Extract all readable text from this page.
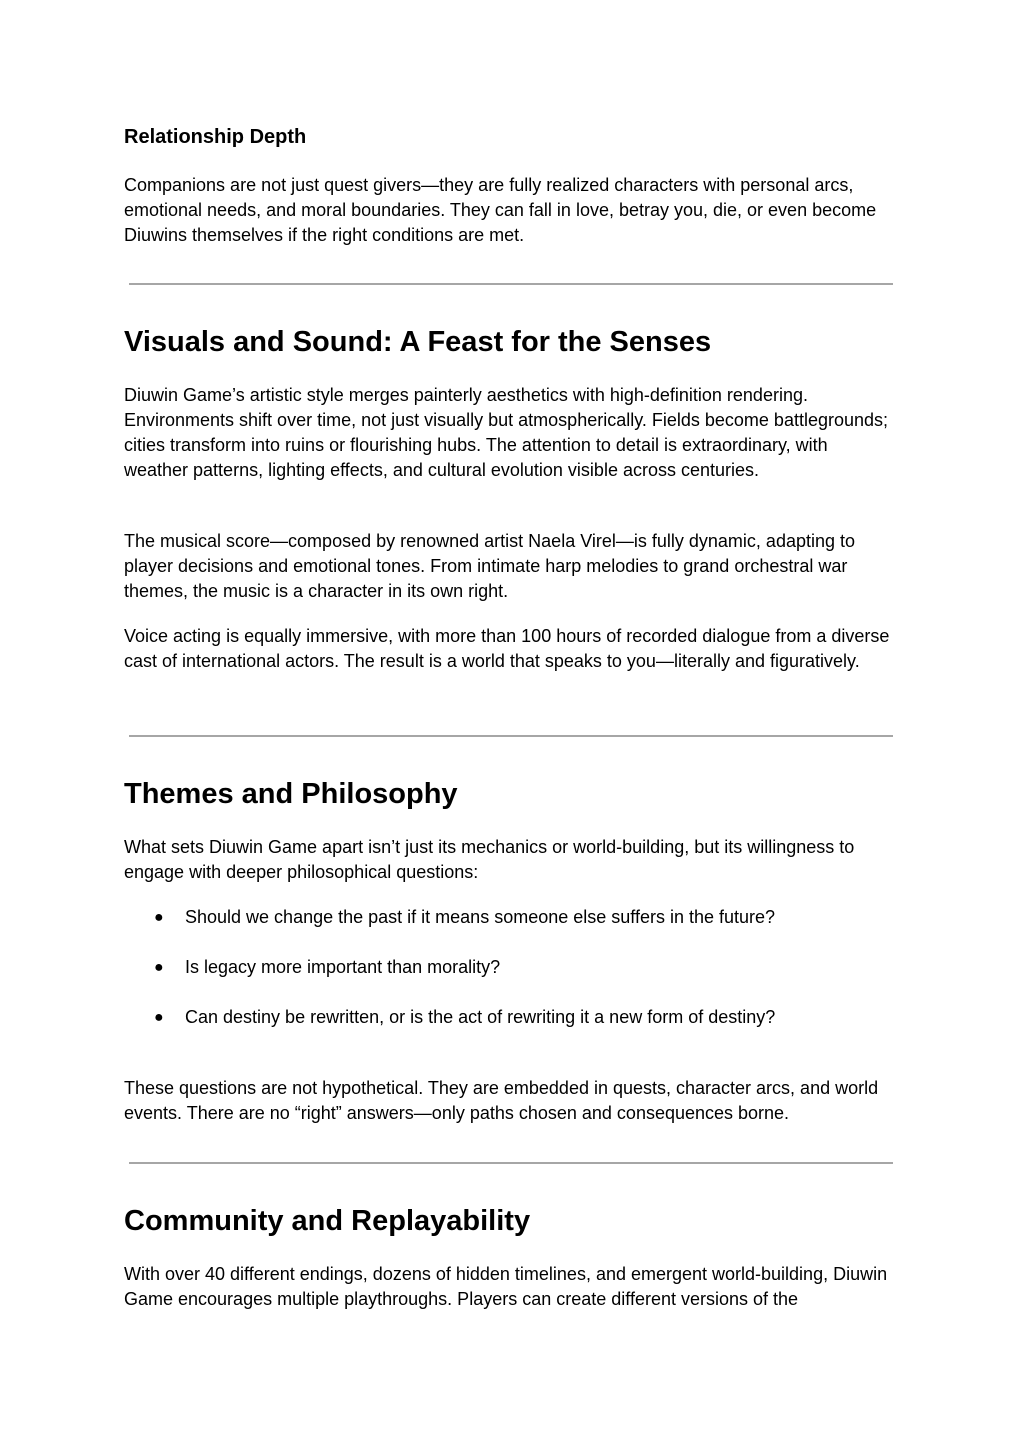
Relationship Depth

Companions are not just quest givers—they are fully realized characters with personal arcs, emotional needs, and moral boundaries. They can fall in love, betray you, die, or even become Diuwins themselves if the right conditions are met.

Visuals and Sound: A Feast for the Senses

Diuwin Game’s artistic style merges painterly aesthetics with high-definition rendering. Environments shift over time, not just visually but atmospherically. Fields become battlegrounds; cities transform into ruins or flourishing hubs. The attention to detail is extraordinary, with weather patterns, lighting effects, and cultural evolution visible across centuries.

The musical score—composed by renowned artist Naela Virel—is fully dynamic, adapting to player decisions and emotional tones. From intimate harp melodies to grand orchestral war themes, the music is a character in its own right.

Voice acting is equally immersive, with more than 100 hours of recorded dialogue from a diverse cast of international actors. The result is a world that speaks to you—literally and figuratively.

Themes and Philosophy

What sets Diuwin Game apart isn’t just its mechanics or world-building, but its willingness to engage with deeper philosophical questions:

● Should we change the past if it means someone else suffers in the future?
● Is legacy more important than morality?
● Can destiny be rewritten, or is the act of rewriting it a new form of destiny?

These questions are not hypothetical. They are embedded in quests, character arcs, and world events. There are no “right” answers—only paths chosen and consequences borne.

Community and Replayability

With over 40 different endings, dozens of hidden timelines, and emergent world-building, Diuwin Game encourages multiple playthroughs. Players can create different versions of the
